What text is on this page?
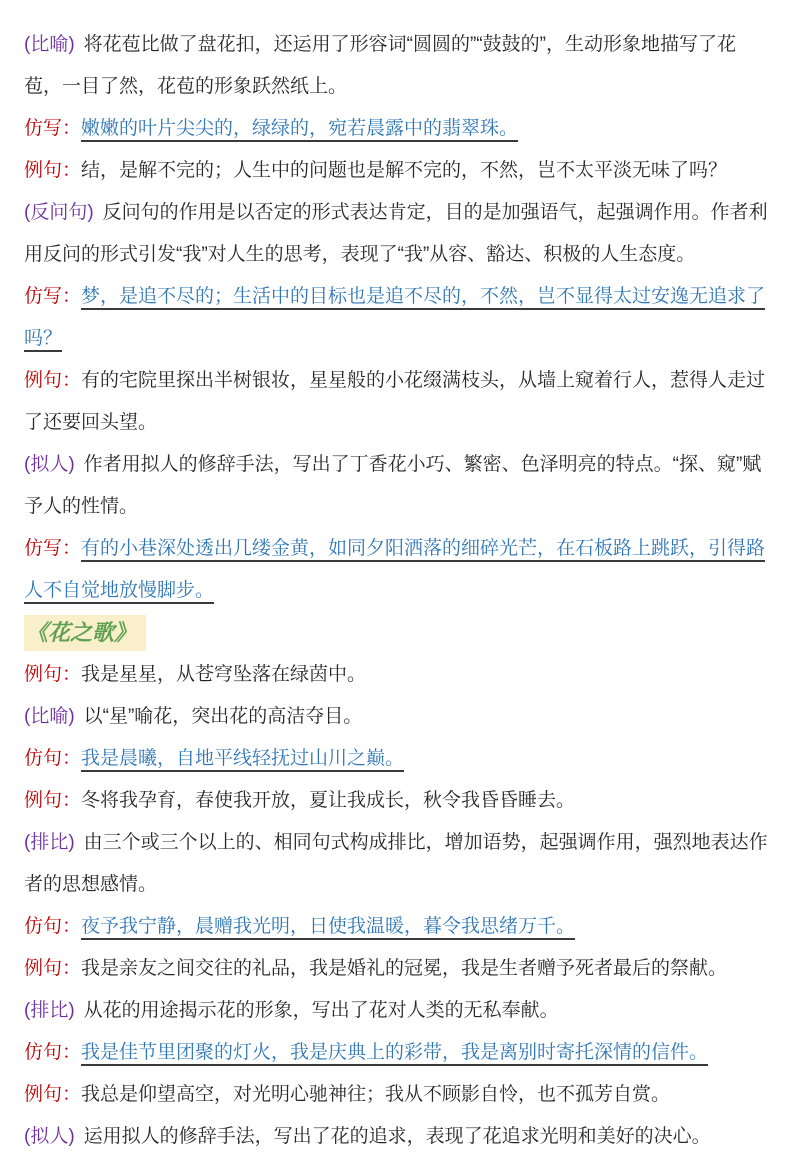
(比喻) 将花苞比做了盘花扣，还运用了形容词“圆圆的”“鼓鼓的”，生动形象地描写了花苞，一目了然，花苞的形象跃然纸上。

仿写：嫩嫩的叶片尖尖的，绿绿的，宛若晨露中的翡翠珠。

例句：结，是解不完的；人生中的问题也是解不完的，不然，岂不太平淡无味了吗？

(反问句) 反问句的作用是以否定的形式表达肯定，目的是加强语气，起强调作用。作者利用反问的形式引发“我”对人生的思考，表现了“我”从容、豁达、积极的人生态度。

仿写：梦，是追不尽的；生活中的目标也是追不尽的，不然，岂不显得太过安逸无追求了吗？

例句：有的宅院里探出半树银妆，星星般的小花缀满枝头，从墙上窥着行人，惹得人走过了还要回头望。

(拟人) 作者用拟人的修辞手法，写出了丁香花小巧、繁密、色泽明亮的特点。“探、窥”赋予人的性情。

仿写：有的小巷深处透出几缕金黄，如同夕阳洒落的细碎光芒，在石板路上跳跃，引得路人不自觉地放慢脚步。

《花之歌》

例句：我是星星，从苍穹坠落在绿茵中。

(比喻) 以“星”喻花，突出花的高洁夺目。

仿句：我是晨曦，自地平线轻抚过山川之巅。

例句：冬将我孕育，春使我开放，夏让我成长，秋令我昏昏睡去。

(排比) 由三个或三个以上的、相同句式构成排比，增加语势，起强调作用，强烈地表达作者的思想感情。

仿句：夜予我宁静，晨赠我光明，日使我温暖，暮令我思绪万千。

例句：我是亲友之间交往的礼品，我是婚礼的冠冕，我是生者赠予死者最后的祭献。

(排比) 从花的用途揭示花的形象，写出了花对人类的无私奉献。

仿句：我是佳节里团聚的灯火，我是庆典上的彩带，我是离别时寄托深情的信件。

例句：我总是仰望高空，对光明心驰神往；我从不顾影自怜，也不孤芳自赏。

(拟人) 运用拟人的修辞手法，写出了花的追求，表现了花追求光明和美好的决心。
